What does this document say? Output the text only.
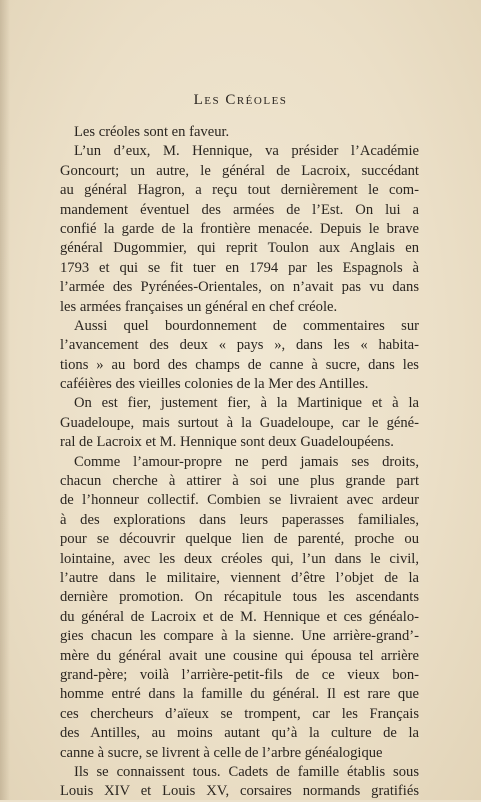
Les Créoles
Les créoles sont en faveur.
L’un d’eux, M. Hennique, va présider l’Académie
Goncourt; un autre, le général de Lacroix, succédant
au général Hagron, a reçu tout dernièrement le com-
mandement éventuel des armées de l’Est. On lui a
confié la garde de la frontière menacée. Depuis le brave
général Dugommier, qui reprit Toulon aux Anglais en
1793 et qui se fit tuer en 1794 par les Espagnols à
l’armée des Pyrénées-Orientales, on n’avait pas vu dans
les armées françaises un général en chef créole.
Aussi quel bourdonnement de commentaires sur
l’avancement des deux « pays », dans les « habita-
tions » au bord des champs de canne à sucre, dans les
caféières des vieilles colonies de la Mer des Antilles.
On est fier, justement fier, à la Martinique et à la
Guadeloupe, mais surtout à la Guadeloupe, car le géné-
ral de Lacroix et M. Hennique sont deux Guadeloupéens.
Comme l’amour-propre ne perd jamais ses droits,
chacun cherche à attirer à soi une plus grande part
de l’honneur collectif. Combien se livraient avec ardeur
à des explorations dans leurs paperasses familiales,
pour se découvrir quelque lien de parenté, proche ou
lointaine, avec les deux créoles qui, l’un dans le civil,
l’autre dans le militaire, viennent d’être l’objet de la
dernière promotion. On récapitule tous les ascendants
du général de Lacroix et de M. Hennique et ces généalo-
gies chacun les compare à la sienne. Une arrière-grand’-
mère du général avait une cousine qui épousa tel arrière
grand-père; voilà l’arrière-petit-fils de ce vieux bon-
homme entré dans la famille du général. Il est rare que
ces chercheurs d’aïeux se trompent, car les Français
des Antilles, au moins autant qu’à la culture de la
canne à sucre, se livrent à celle de l’arbre généalogique
Ils se connaissent tous. Cadets de famille établis sous
Louis XIV et Louis XV, corsaires normands gratifiés
